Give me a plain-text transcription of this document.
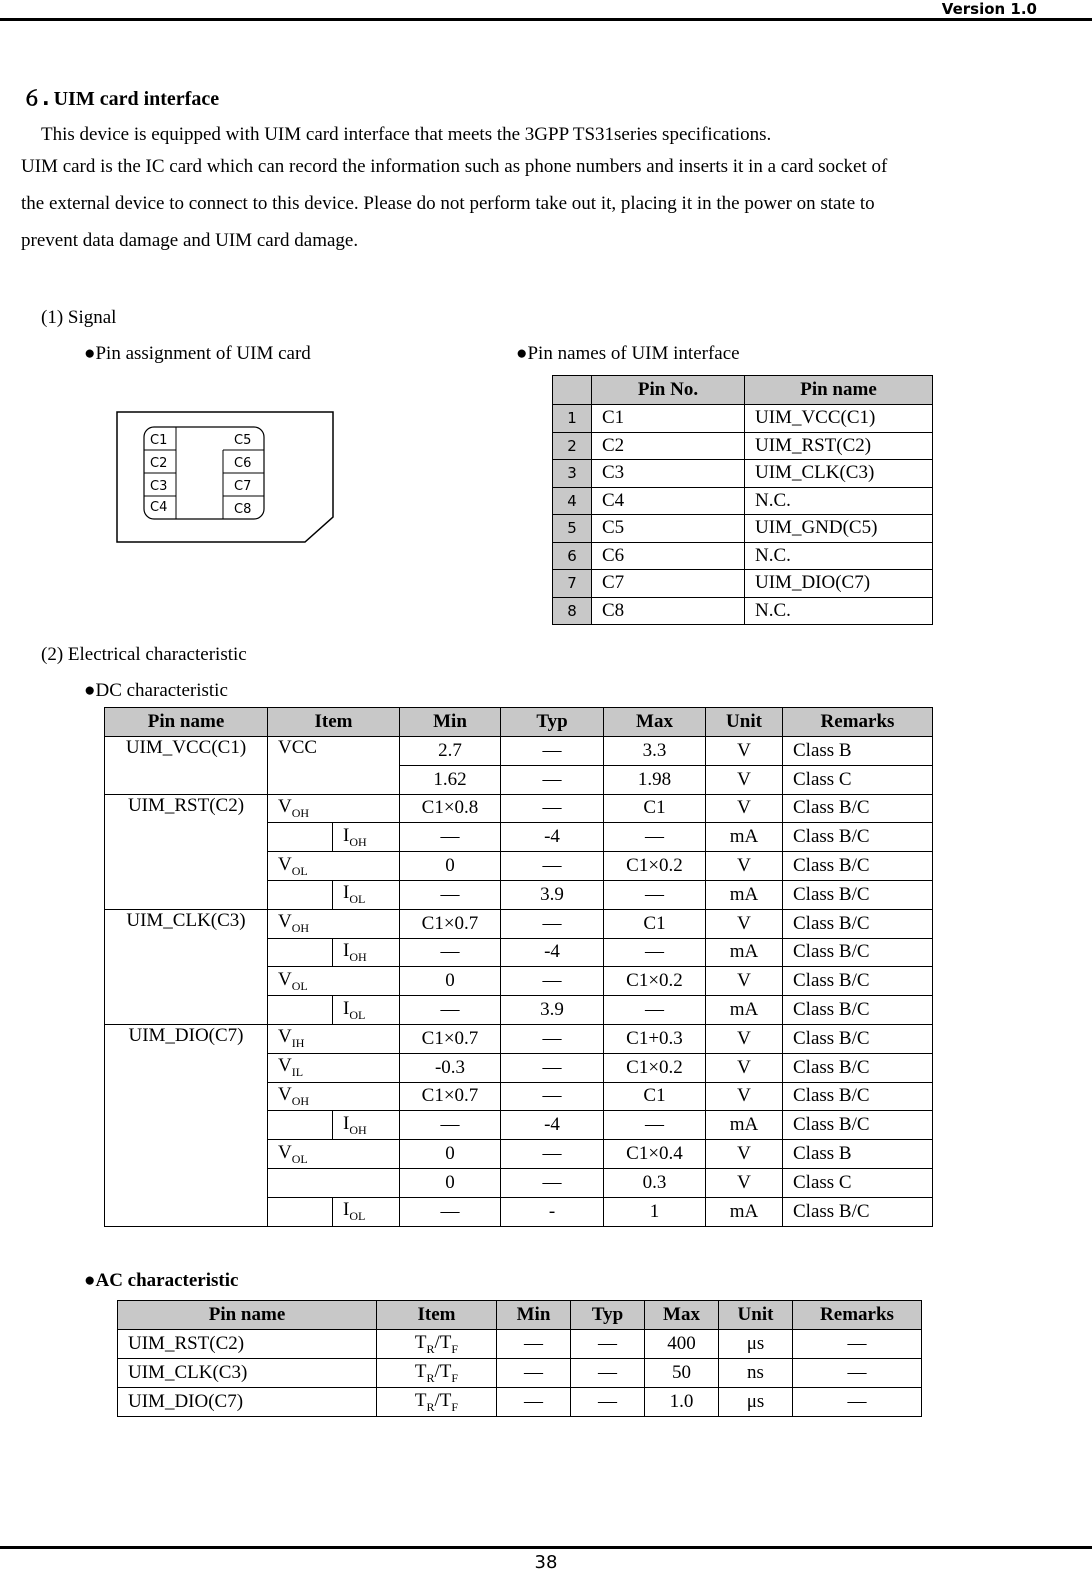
Version 1.0
６. UIM card interface
This device is equipped with UIM card interface that meets the 3GPP TS31series specifications.
UIM card is the IC card which can record the information such as phone numbers and inserts it in a card socket of
the external device to connect to this device. Please do not perform take out it, placing it in the power on state to
prevent data damage and UIM card damage.
(1) Signal
●Pin assignment of UIM card	●Pin names of UIM interface
C1
C2
C3
C4
C5
C6
C7
C8
	Pin No.	Pin name
1	C1	UIM_VCC(C1)
2	C2	UIM_RST(C2)
3	C3	UIM_CLK(C3)
4	C4	N.C.
5	C5	UIM_GND(C5)
6	C6	N.C.
7	C7	UIM_DIO(C7)
8	C8	N.C.
(2) Electrical characteristic
●DC characteristic
Pin name	Item		Min	Typ	Max	Unit	Remarks
UIM_VCC(C1)	VCC		2.7	—	3.3	V	Class B
			1.62	—	1.98	V	Class C
UIM_RST(C2)	$V_{OH}$		C1×0.8	—	C1	V	Class B/C
		$I_{OH}$	—	-4	—	mA	Class B/C
	$V_{OL}$		0	—	C1×0.2	V	Class B/C
		$I_{OL}$	—	3.9	—	mA	Class B/C
UIM_CLK(C3)	$V_{OH}$		C1×0.7	—	C1	V	Class B/C
		$I_{OH}$	—	-4	—	mA	Class B/C
	$V_{OL}$		0	—	C1×0.2	V	Class B/C
		$I_{OL}$	—	3.9	—	mA	Class B/C
UIM_DIO(C7)	$V_{IH}$		C1×0.7	—	C1+0.3	V	Class B/C
	$V_{IL}$		-0.3	—	C1×0.2	V	Class B/C
	$V_{OH}$		C1×0.7	—	C1	V	Class B/C
		$I_{OH}$	—	-4	—	mA	Class B/C
	$V_{OL}$		0	—	C1×0.4	V	Class B
			0	—	0.3	V	Class C
		$I_{OL}$	—	-	1	mA	Class B/C
●AC characteristic
Pin name	Item	Min	Typ	Max	Unit	Remarks
UIM_RST(C2)	$T_R/T_F$	—	—	400	μs	—
UIM_CLK(C3)	$T_R/T_F$	—	—	50	ns	—
UIM_DIO(C7)	$T_R/T_F$	—	—	1.0	μs	—
38
